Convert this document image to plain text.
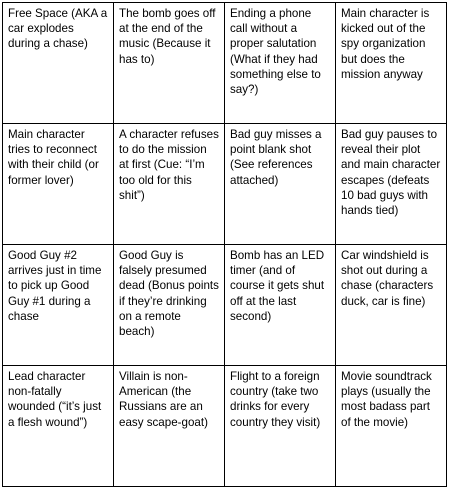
Free Space (AKA a car explodes during a chase)	The bomb goes off at the end of the music (Because it has to)	Ending a phone call without a proper salutation (What if they had something else to say?)	Main character is kicked out of the spy organization but does the mission anyway

Main character tries to reconnect with their child (or former lover)	A character refuses to do the mission at first (Cue: “I’m too old for this shit”)	Bad guy misses a point blank shot (See references attached)	Bad guy pauses to reveal their plot and main character escapes (defeats 10 bad guys with hands tied)

Good Guy #2 arrives just in time to pick up Good Guy #1 during a chase	Good Guy is falsely presumed dead (Bonus points if they’re drinking on a remote beach)	Bomb has an LED timer (and of course it gets shut off at the last second)	Car windshield is shot out during a chase (characters duck, car is fine)

Lead character non-fatally wounded (“it’s just a flesh wound”)	Villain is non-American (the Russians are an easy scape-goat)	Flight to a foreign country (take two drinks for every country they visit)	Movie soundtrack plays (usually the most badass part of the movie)
